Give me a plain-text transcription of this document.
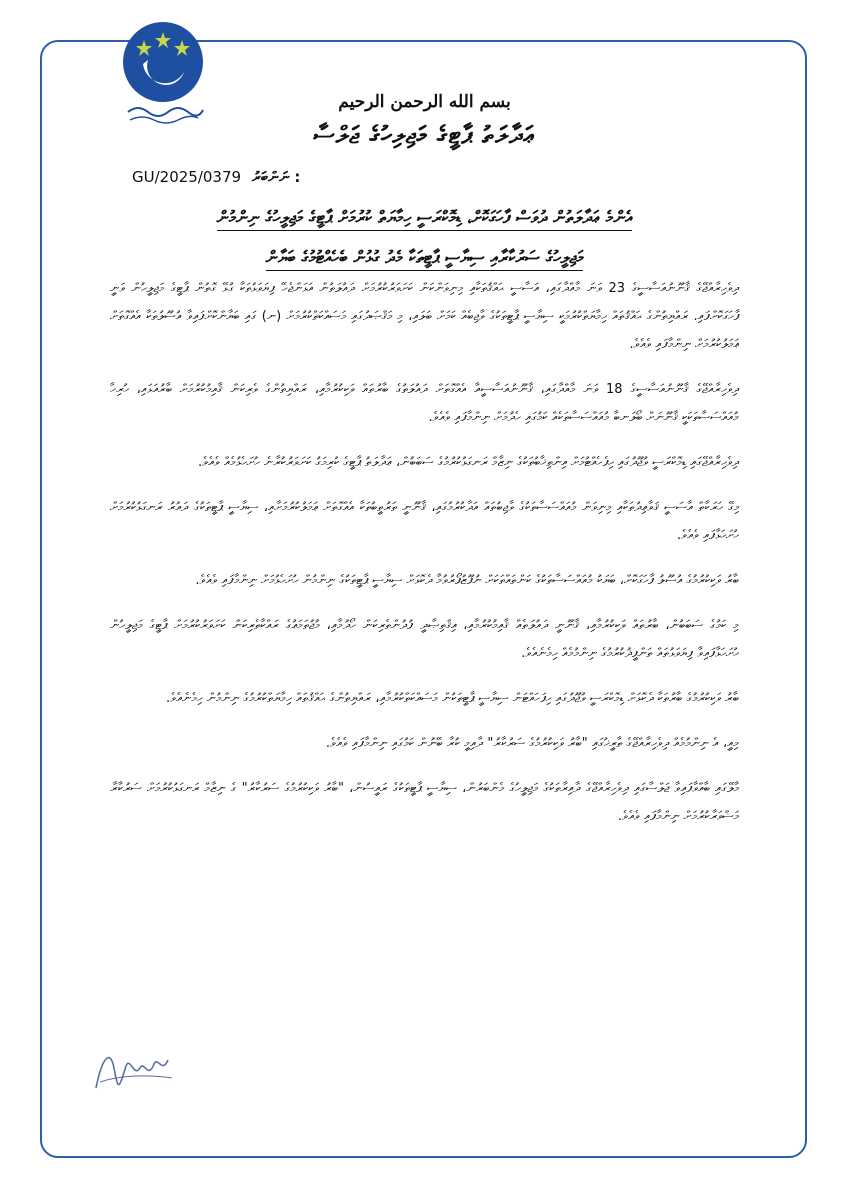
بسم الله الرحمن الرحيم
ޢަދާލަތު ޕާޓީގެ މަޖިލިހުގެ ޖަލްސާ
GU/2025/0379 ނަންބަރު :
އެންމެ ޢަދާލަތުން ދުވަސް ފާހަގަކޮށް، ޑިމޮކްރަސީ ހިމާޔަތް ކުރުމަށް ޕާޓީގެ މަޖިލީހުގެ ނިންމުން
މަޖިލީހުގެ ސަރުކާރާއި ސިޔާސީ ޕާޓީތަކާ މެދު ގުޅުން ބެހެއްޓުމުގެ ބަޔާން

ދިވެހިރާއްޖޭގެ ޤާނޫނުއަސާސީގެ 23 ވަނަ މާއްދާގައި، އަސާސީ ޙައްޤުތަކާއި މިނިވަންކަން ކަށަވަރުކުރުމަށް ދައުލަތުން އަޅަންޖެހޭ ފިޔަވަޅުތަކާ ގުޅޭ ގޮތުން ޕާޓީގެ މަޖިލީހުން ވަނީ ފާހަގަކޮށްފައި. ރައްޔިތުންގެ ޙައްޤުތައް ހިމާޔަތްކުރުމަކީ ސިޔާސީ ޕާޓީތަކުގެ ވާޖިބެއް ކަމަށް ބަލައި، މި މަޤްޞަދުގައި މަސައްކަތްކުރުމަށް (ނ) ގައި ބަޔާންކޮށްފައިވާ އުސޫލުތަކާ އެއްގޮތަށް ޢަމަލުކުރުމަށް ނިންމާފައި ވެއެވެ.

ދިވެހިރާއްޖޭގެ ޤާނޫނުއަސާސީގެ 18 ވަނަ މާއްދާގައި، ޤާނޫނުއަސާސީއާ އެއްގޮތަށް ދައުލަތުގެ ބާރުތައް ވަކިކުރުމާއި، ރައްޔިތުންގެ ވެރިކަން ޤާއިމުކުރުމަށް ބާރުއަޅައި، ހުރިހާ މުއައްސަސާތަކަކީ ޤާނޫނަށް ބޯލަނބާ މުއައްސަސާތަކެއް ކަމުގައި ހެދުމަށް ނިންމާފައި ވެއެވެ.

ދިވެހިރާއްޖޭގައި ޑިމޮކްރަސީ ވުޖޫދުގައި ހިފެހެއްޓުމަށް އިންތިޚާބުތަކުގެ ނިޒާމް ރަނގަޅުކުރުމުގެ ސަބަބުން، ޢަދާލަތު ޕާޓީގެ ކުރިމަގު ކަށަވަރުކުރާނެ ހުށަހެޅުމެއް ވެއެވެ.

މިގޭ ހަރަކާތް އާސަސީ ޤަވާޢިދުތަކާއި މިނިވަން މުއައްސަސާތަކުގެ ވާޖިބުތައް އަދާކުރުމުގައި، ޤާނޫނީ ތަރުތީބުތަކާ އެއްގޮތަށް ޢަމަލުކުރުމަށާއި، ސިޔާސީ ޕާޓީތަކުގެ ދައުރު ރަނގަޅުކުރުމަށް ހުށަހަޅާފައި ވެއެވެ.

ބާރު ވަކިކުރުމުގެ އުސޫލު ފާހަގަކޮށް، ބަޔަކު މުއައްސަސާތަކުގެ ކަންތައްތަކަށް ނުފޫޒުފޯރުވުމާ ދެކޮޅަށް ސިޔާސީ ޕާޓީތަކުގެ ނިންމުން ހުށަހެޅުމަށް ނިންމާފައި ވެއެވެ.

މި ކަމުގެ ސަބަބުން، ބާރުތައް ވަކިކުރުމާއި، ޤާނޫނީ ދައުލަތެއް ޤާއިމުކުރުމާއި، އިޤްތިޞާދީ ފުދުންތެރިކަން ހޯދުމާއި، މުޖުތަމަޢުގެ ރައްކާތެރިކަން ކަށަވަރުކުރުމަށް ޕާޓީގެ މަޖިލީހުން ހުށަހަޅާފައިވާ ފިޔަވަޅުތައް ތަންފީޛުކުރުމުގެ ނިންމުމެއް ހިމެނެއެވެ.

ބާރު ވަކިކުރުމުގެ ބާރުތަކާ ދެކޮޅަށް ޑިމޮކްރަސީ ވުޖޫދުގައި ހިފަހައްޓަން ސިޔާސީ ޕާޓީތަކުން މަސައްކަތްކުރުމާއި، ރައްޔިތުންގެ ޙައްޤުތައް ހިމާޔަތްކުރުމުގެ ނިންމުން ހިމެނެއެވެ.

މިއީ، އެ ނިންމުމެއް ދިވެހިރާއްޖޭގެ ތާރީޚުގައި "ބާރު ވަކިކުރުމުގެ ސަރުކާރު" ދާއިމީ ކުރާ ބޭނުން ކަމުގައި ނިންމާފައި ވެއެވެ.

މާލޭގައި ބާއްވާފައިވާ ޖަލްސާގައި ދިވެހިރާއްޖޭގެ ދާއިރާތަކުގެ މަޖިލީހުގެ މެންބަރުން، ސިޔާސީ ޕާޓީތަކުގެ ރައީސުން، "ބާރު ވަކިކުރުމުގެ ސަރުކާރު" ގެ ނިޒާމް ރަނގަޅުކުރުމަށް ސަރުކާރާ މަޝްވަރާކުރުމަށް ނިންމާފައި ވެއެވެ.
